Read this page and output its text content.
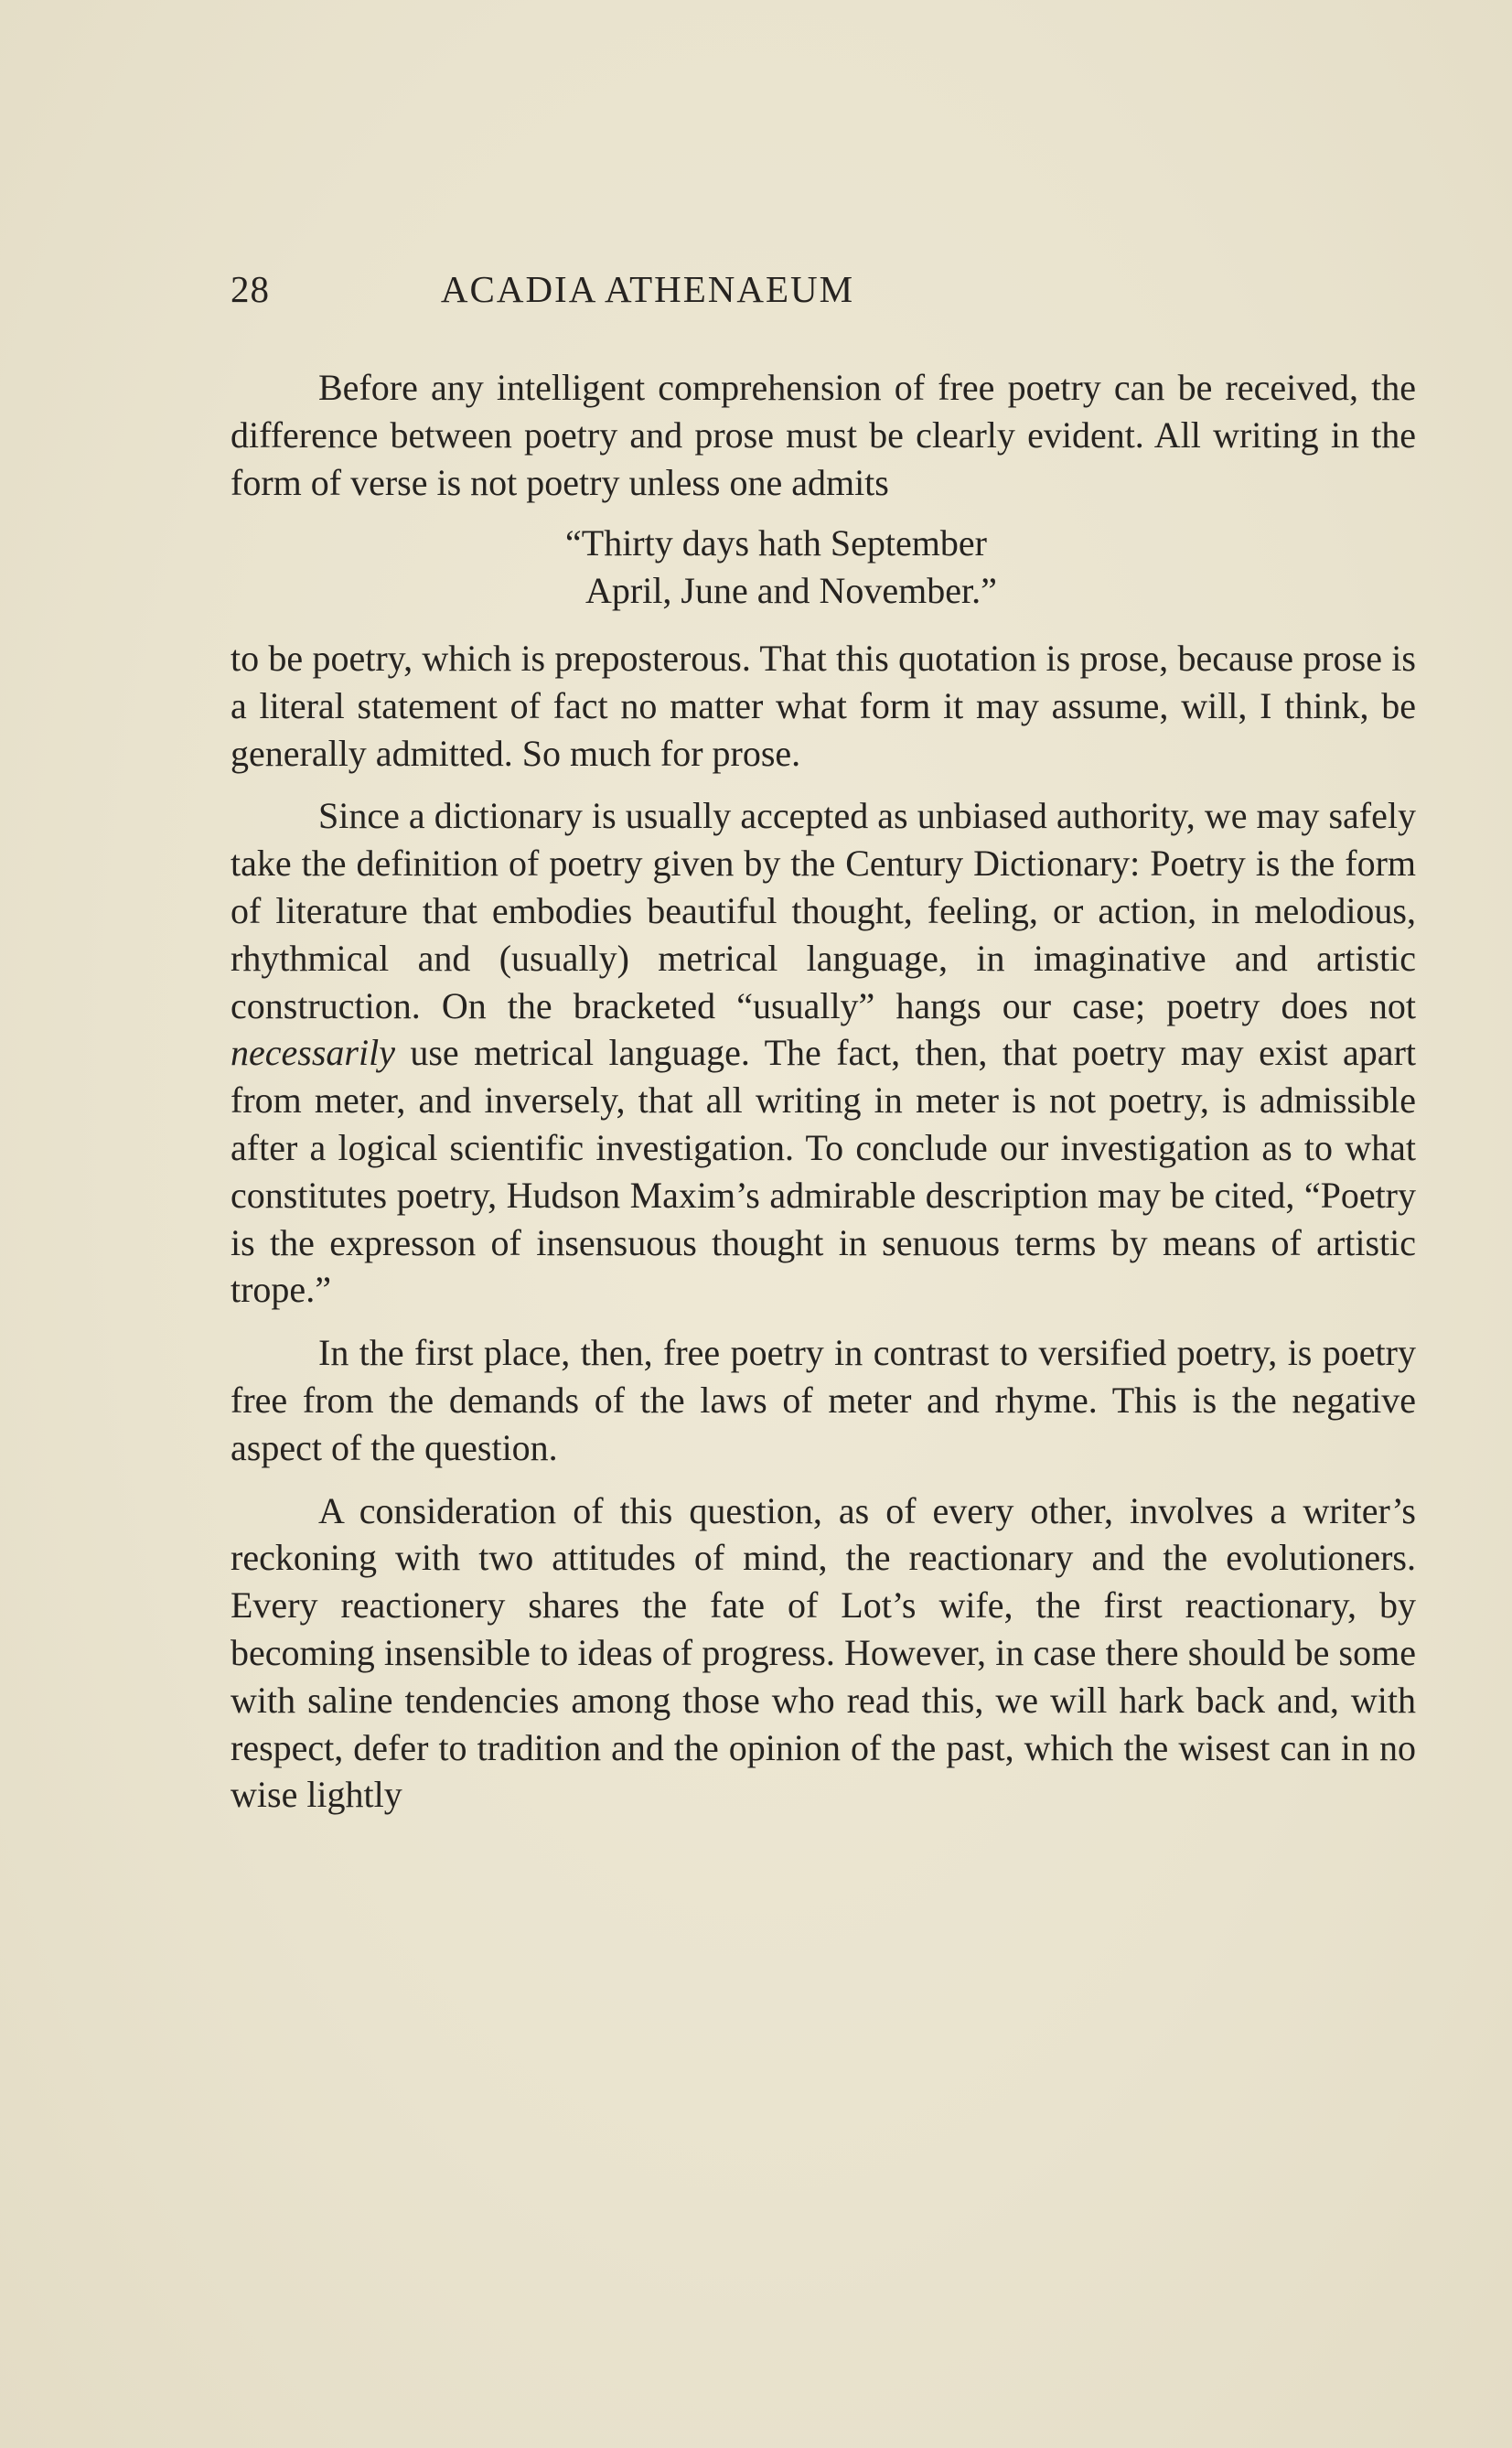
28	ACADIA ATHENAEUM

Before any intelligent comprehension of free poetry can be received, the difference between poetry and prose must be clearly evident. All writing in the form of verse is not poetry unless one admits

“Thirty days hath September
April, June and November.”

to be poetry, which is preposterous. That this quotation is prose, because prose is a literal statement of fact no matter what form it may assume, will, I think, be generally admitted. So much for prose.

Since a dictionary is usually accepted as unbiased authority, we may safely take the definition of poetry given by the Century Dictionary: Poetry is the form of literature that embodies beautiful thought, feeling, or action, in melodious, rhythmical and (usually) metrical language, in imaginative and artistic construction. On the bracketed “usually” hangs our case; poetry does not necessarily use metrical language. The fact, then, that poetry may exist apart from meter, and inversely, that all writing in meter is not poetry, is admissible after a logical scientific investigation. To conclude our investigation as to what constitutes poetry, Hudson Maxim’s admirable description may be cited, “Poetry is the expresson of insensuous thought in senuous terms by means of artistic trope.”

In the first place, then, free poetry in contrast to versified poetry, is poetry free from the demands of the laws of meter and rhyme. This is the negative aspect of the question.

A consideration of this question, as of every other, involves a writer’s reckoning with two attitudes of mind, the reactionary and the evolutioners. Every reactionery shares the fate of Lot’s wife, the first reactionary, by becoming insensible to ideas of progress. However, in case there should be some with saline tendencies among those who read this, we will hark back and, with respect, defer to tradition and the opinion of the past, which the wisest can in no wise lightly
